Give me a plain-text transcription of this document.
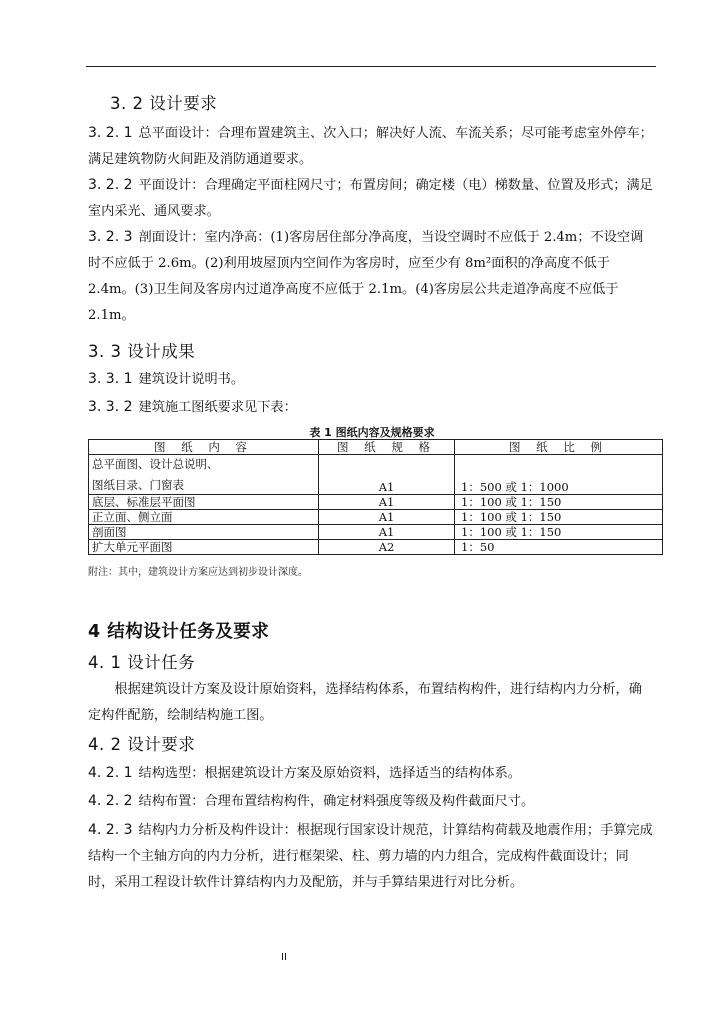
3. 2 设计要求
3. 2. 1 总平面设计：合理布置建筑主、次入口；解决好人流、车流关系；尽可能考虑室外停车；满足建筑物防火间距及消防通道要求。
3. 2. 2 平面设计：合理确定平面柱网尺寸；布置房间；确定楼（电）梯数量、位置及形式；满足室内采光、通风要求。
3. 2. 3 剖面设计：室内净高：(1)客房居住部分净高度，当设空调时不应低于 2.4m；不设空调时不应低于 2.6m。(2)利用坡屋顶内空间作为客房时，应至少有 8m²面积的净高度不低于 2.4m。(3)卫生间及客房内过道净高度不应低于 2.1m。(4)客房层公共走道净高度不应低于 2.1m。
3. 3 设计成果
3. 3. 1 建筑设计说明书。
3. 3. 2 建筑施工图纸要求见下表：
表 1 图纸内容及规格要求
图 纸 内 容	图 纸 规 格	图 纸 比 例

总平面图、设计总说明、
图纸目录、门窗表	A1	1：500 或 1：1000
底层、标准层平面图	A1	1：100 或 1：150
正立面、侧立面	A1	1：100 或 1：150
剖面图	A1	1：100 或 1：150
扩大单元平面图	A2	1：50
附注：其中，建筑设计方案应达到初步设计深度。
4 结构设计任务及要求
4. 1 设计任务
根据建筑设计方案及设计原始资料，选择结构体系，布置结构构件，进行结构内力分析，确定构件配筋，绘制结构施工图。
4. 2 设计要求
4. 2. 1 结构选型：根据建筑设计方案及原始资料，选择适当的结构体系。
4. 2. 2 结构布置：合理布置结构构件，确定材料强度等级及构件截面尺寸。
4. 2. 3 结构内力分析及构件设计：根据现行国家设计规范，计算结构荷载及地震作用；手算完成结构一个主轴方向的内力分析，进行框架梁、柱、剪力墙的内力组合，完成构件截面设计；同时，采用工程设计软件计算结构内力及配筋，并与手算结果进行对比分析。
II
